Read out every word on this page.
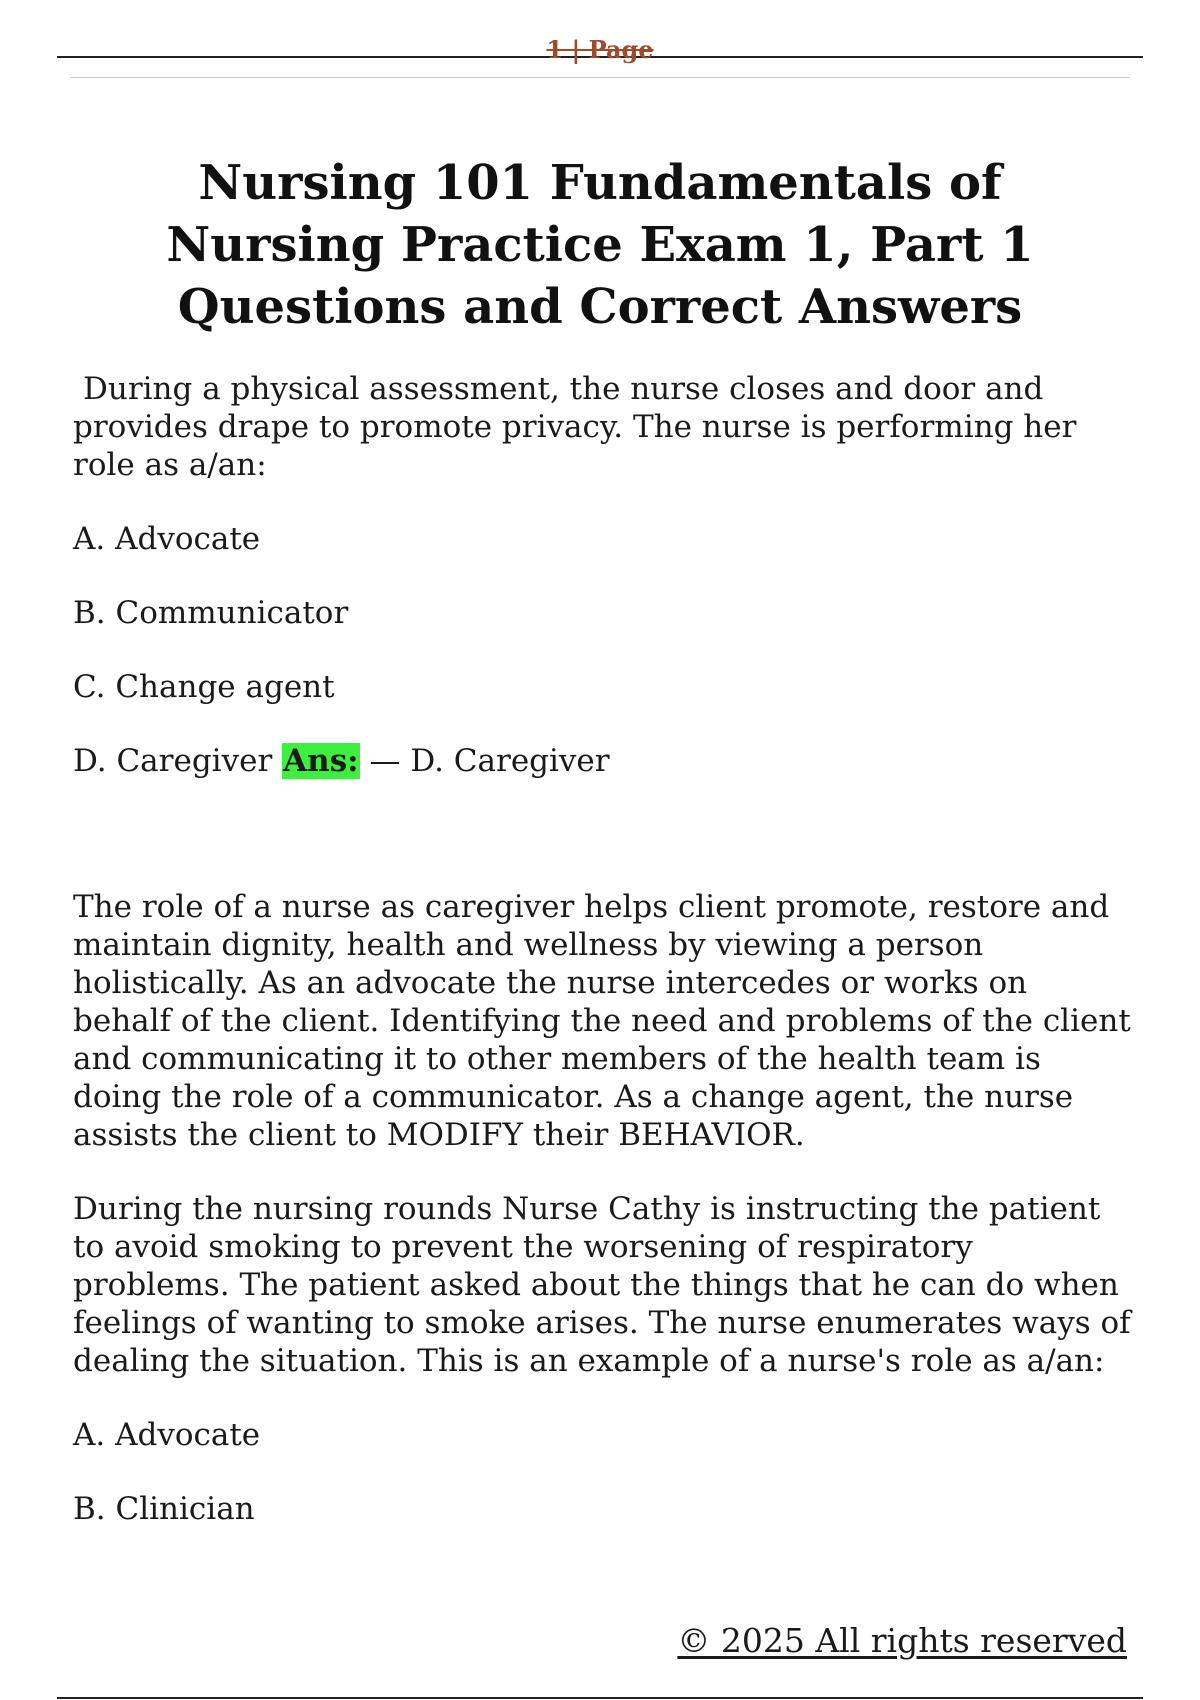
1 | Page
Nursing 101 Fundamentals of Nursing Practice Exam 1, Part 1 Questions and Correct Answers

During a physical assessment, the nurse closes and door and provides drape to promote privacy. The nurse is performing her role as a/an:

A. Advocate

B. Communicator

C. Change agent

D. Caregiver Ans: — D. Caregiver

The role of a nurse as caregiver helps client promote, restore and maintain dignity, health and wellness by viewing a person holistically. As an advocate the nurse intercedes or works on behalf of the client. Identifying the need and problems of the client and communicating it to other members of the health team is doing the role of a communicator. As a change agent, the nurse assists the client to MODIFY their BEHAVIOR.

During the nursing rounds Nurse Cathy is instructing the patient to avoid smoking to prevent the worsening of respiratory problems. The patient asked about the things that he can do when feelings of wanting to smoke arises. The nurse enumerates ways of dealing the situation. This is an example of a nurse's role as a/an:

A. Advocate

B. Clinician

© 2025 All rights reserved
